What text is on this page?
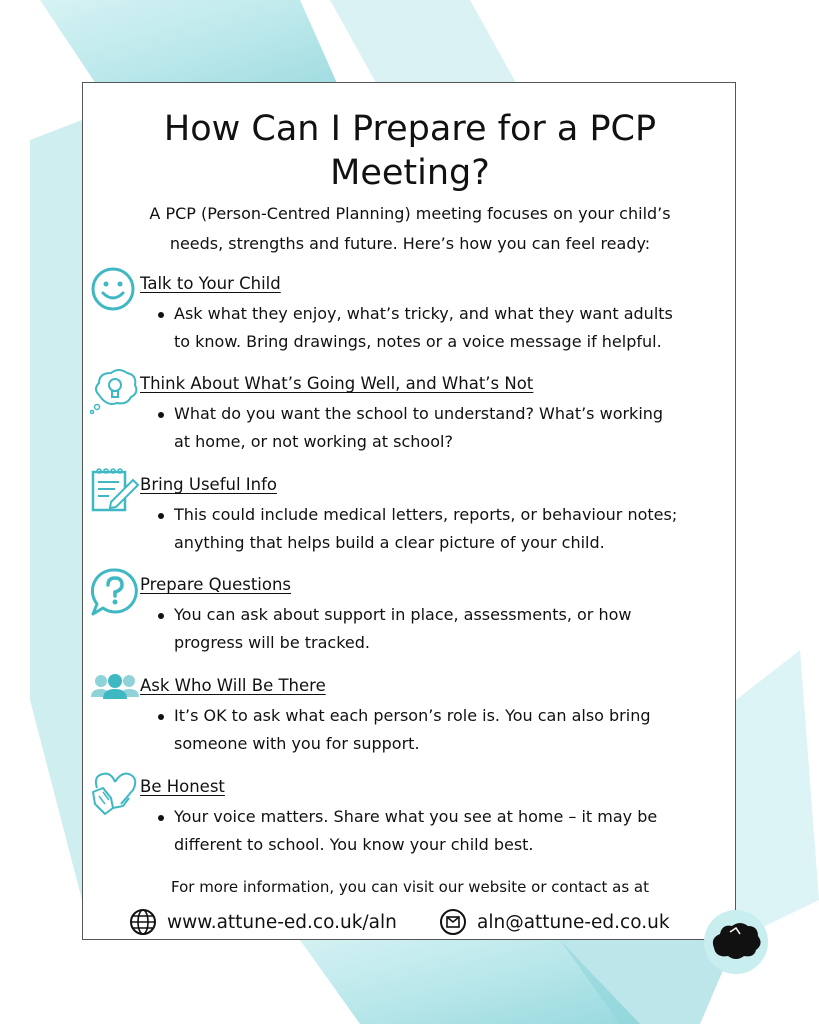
How Can I Prepare for a PCP
Meeting?
A PCP (Person-Centred Planning) meeting focuses on your child’s
needs, strengths and future. Here’s how you can feel ready:
Talk to Your Child
Ask what they enjoy, what’s tricky, and what they want adults
to know. Bring drawings, notes or a voice message if helpful.
Think About What’s Going Well, and What’s Not
What do you want the school to understand? What’s working
at home, or not working at school?
Bring Useful Info
This could include medical letters, reports, or behaviour notes;
anything that helps build a clear picture of your child.
Prepare Questions
You can ask about support in place, assessments, or how
progress will be tracked.
Ask Who Will Be There
It’s OK to ask what each person’s role is. You can also bring
someone with you for support.
Be Honest
Your voice matters. Share what you see at home – it may be
different to school. You know your child best.
For more information, you can visit our website or contact as at
www.attune-ed.co.uk/aln	aln@attune-ed.co.uk
